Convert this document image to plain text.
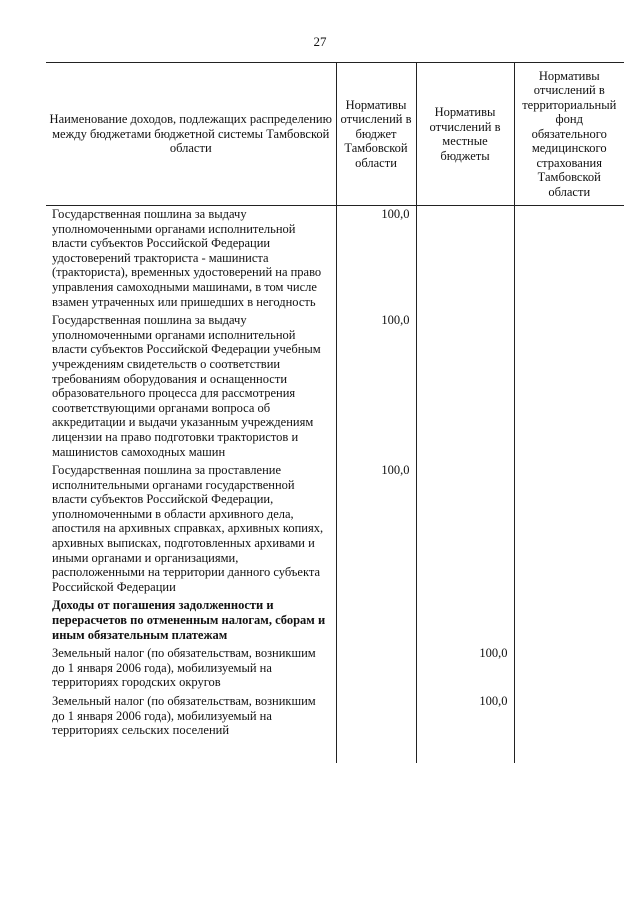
27
Наименование доходов, подлежащих распределению между бюджетами бюджетной системы Тамбовской области	Нормативы отчислений в бюджет Тамбовской области	Нормативы отчислений в местные бюджеты	Нормативы отчислений в территориальный фонд обязательного медицинского страхования Тамбовской области
Государственная пошлина за выдачу уполномоченными органами исполнительной власти субъектов Российской Федерации удостоверений тракториста - машиниста (тракториста), временных удостоверений на право управления самоходными машинами, в том числе взамен утраченных или пришедших в негодность	100,0		
Государственная пошлина за выдачу уполномоченными органами исполнительной власти субъектов Российской Федерации учебным учреждениям свидетельств о соответствии требованиям оборудования и оснащенности образовательного процесса для рассмотрения соответствующими органами вопроса об аккредитации и выдачи указанным учреждениям лицензии на право подготовки трактористов и машинистов самоходных машин	100,0		
Государственная пошлина за проставление исполнительными органами государственной власти субъектов Российской Федерации, уполномоченными в области архивного дела, апостиля на архивных справках, архивных копиях, архивных выписках, подготовленных архивами и иными органами и организациями, расположенными на территории данного субъекта Российской Федерации	100,0		
Доходы от погашения задолженности и перерасчетов по отмененным налогам, сборам и иным обязательным платежам			
Земельный налог (по обязательствам, возникшим до 1 января 2006 года), мобилизуемый на территориях городских округов		100,0	
Земельный налог (по обязательствам, возникшим до 1 января 2006 года), мобилизуемый на территориях сельских поселений		100,0	
